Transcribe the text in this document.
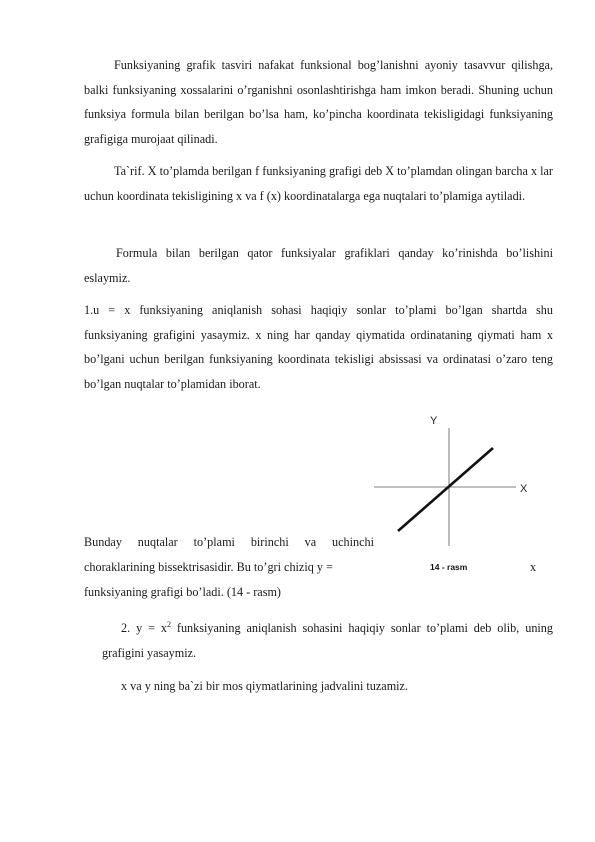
Funksiyaning grafik tasviri nafakat funksional bog’lanishni ayoniy tasavvur qilishga, balki funksiyaning xossalarini o’rganishni osonlashtirishga ham imkon beradi. Shuning uchun funksiya formula bilan berilgan bo’lsa ham, ko’pincha koordinata tekisligidagi funksiyaning grafigiga murojaat qilinadi.

Ta`rif. X to’plamda berilgan f funksiyaning grafigi deb X to’plamdan olingan barcha x lar uchun koordinata tekisligining x va f (x) koordinatalarga ega nuqtalari to’plamiga aytiladi.

Formula bilan berilgan qator funksiyalar grafiklari qanday ko’rinishda bo’lishini eslaymiz.

1.u = x funksiyaning aniqlanish sohasi haqiqiy sonlar to’plami bo’lgan shartda shu funksiyaning grafigini yasaymiz. x ning har qanday qiymatida ordinataning qiymati ham x bo’lgani uchun berilgan funksiyaning koordinata tekisligi absissasi va ordinatasi o’zaro teng bo’lgan nuqtalar to’plamidan iborat.

Bunday nuqtalar to’plami birinchi va uchinchi

choraklarining bissektrisasidir. Bu to’gri chiziq y =	x
funksiyaning grafigi bo’ladi. (14 - rasm)
Y
X
14 - rasm

2. $y = x^2$ funksiyaning aniqlanish sohasini haqiqiy sonlar to’plami deb olib, uning grafigini yasaymiz.

x va y ning ba`zi bir mos qiymatlarining jadvalini tuzamiz.
